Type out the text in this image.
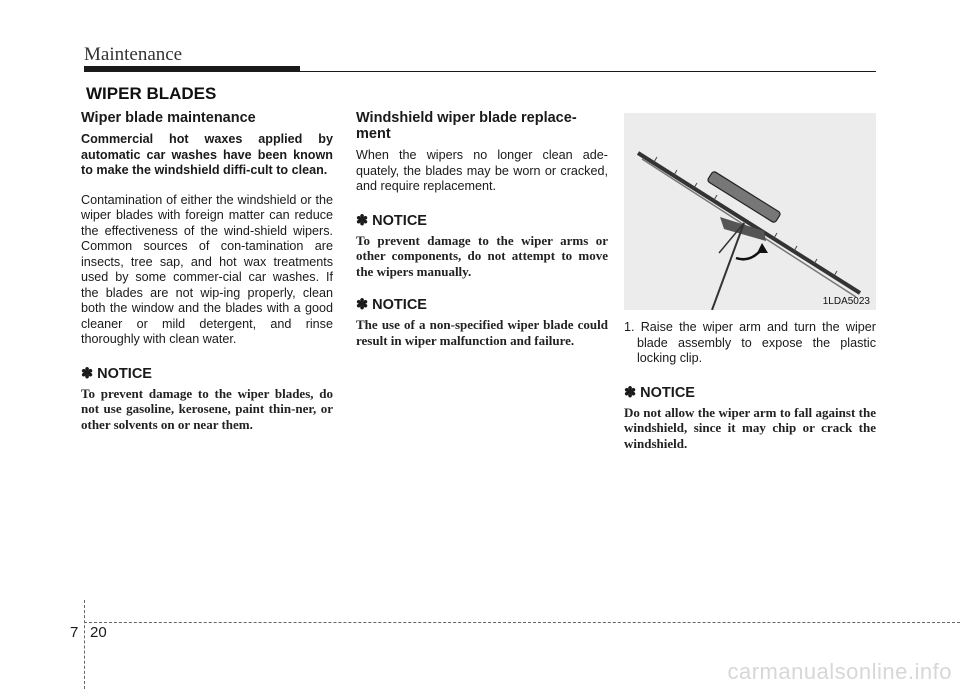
Maintenance
WIPER BLADES
Wiper blade maintenance

Commercial hot waxes applied by automatic car washes have been known to make the windshield diffi-cult to clean.

Contamination of either the windshield or the wiper blades with foreign matter can reduce the effectiveness of the wind-shield wipers. Common sources of con-tamination are insects, tree sap, and hot wax treatments used by some commer-cial car washes. If the blades are not wip-ing properly, clean both the window and the blades with a good cleaner or mild detergent, and rinse thoroughly with clean water.

✽ NOTICE

To prevent damage to the wiper blades, do not use gasoline, kerosene, paint thin-ner, or other solvents on or near them.

Windshield wiper blade replace-ment

When the wipers no longer clean ade-quately, the blades may be worn or cracked, and require replacement.

✽ NOTICE

To prevent damage to the wiper arms or other components, do not attempt to move the wipers manually.

✽ NOTICE

The use of a non-specified wiper blade could result in wiper malfunction and failure.

1LDA5023

1. Raise the wiper arm and turn the wiper blade assembly to expose the plastic locking clip.

✽ NOTICE

Do not allow the wiper arm to fall against the windshield, since it may chip or crack the windshield.

7 20
carmanualsonline.info
